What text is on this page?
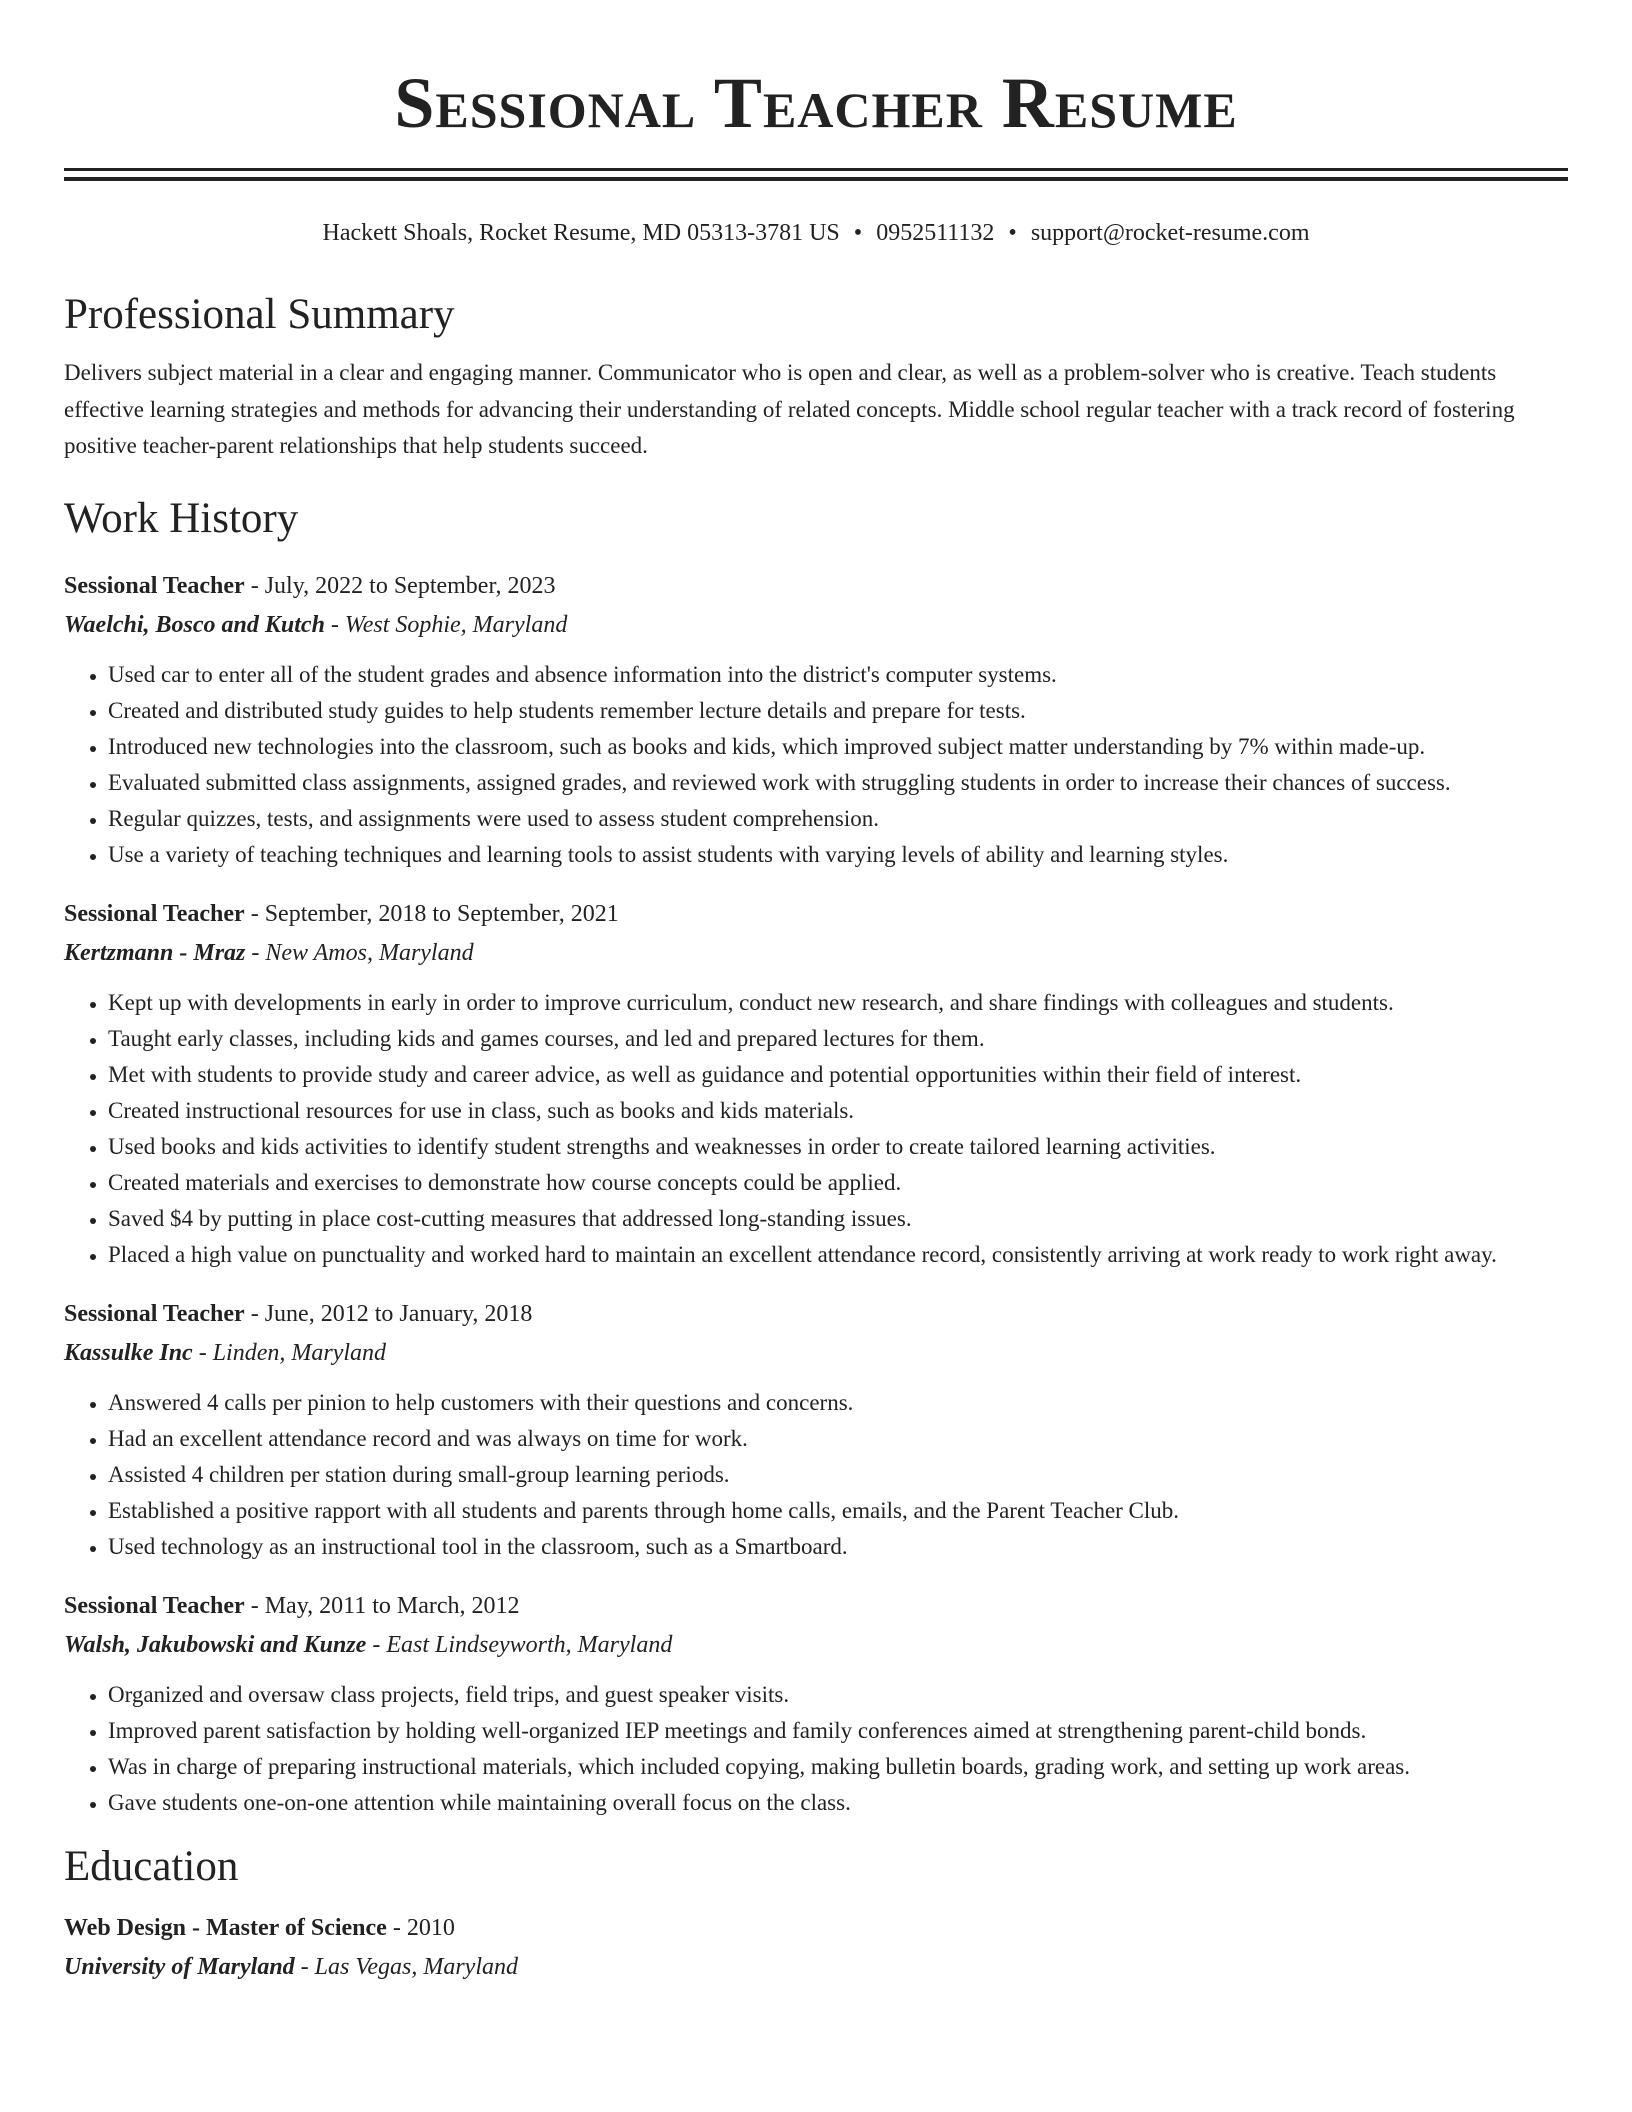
Sessional Teacher Resume
Hackett Shoals, Rocket Resume, MD 05313-3781 US • 0952511132 • support@rocket-resume.com
Professional Summary
Delivers subject material in a clear and engaging manner. Communicator who is open and clear, as well as a problem-solver who is creative. Teach students effective learning strategies and methods for advancing their understanding of related concepts. Middle school regular teacher with a track record of fostering positive teacher-parent relationships that help students succeed.
Work History
Sessional Teacher - July, 2022 to September, 2023
Waelchi, Bosco and Kutch - West Sophie, Maryland
• Used car to enter all of the student grades and absence information into the district's computer systems.
• Created and distributed study guides to help students remember lecture details and prepare for tests.
• Introduced new technologies into the classroom, such as books and kids, which improved subject matter understanding by 7% within made-up.
• Evaluated submitted class assignments, assigned grades, and reviewed work with struggling students in order to increase their chances of success.
• Regular quizzes, tests, and assignments were used to assess student comprehension.
• Use a variety of teaching techniques and learning tools to assist students with varying levels of ability and learning styles.
Sessional Teacher - September, 2018 to September, 2021
Kertzmann - Mraz - New Amos, Maryland
• Kept up with developments in early in order to improve curriculum, conduct new research, and share findings with colleagues and students.
• Taught early classes, including kids and games courses, and led and prepared lectures for them.
• Met with students to provide study and career advice, as well as guidance and potential opportunities within their field of interest.
• Created instructional resources for use in class, such as books and kids materials.
• Used books and kids activities to identify student strengths and weaknesses in order to create tailored learning activities.
• Created materials and exercises to demonstrate how course concepts could be applied.
• Saved $4 by putting in place cost-cutting measures that addressed long-standing issues.
• Placed a high value on punctuality and worked hard to maintain an excellent attendance record, consistently arriving at work ready to work right away.
Sessional Teacher - June, 2012 to January, 2018
Kassulke Inc - Linden, Maryland
• Answered 4 calls per pinion to help customers with their questions and concerns.
• Had an excellent attendance record and was always on time for work.
• Assisted 4 children per station during small-group learning periods.
• Established a positive rapport with all students and parents through home calls, emails, and the Parent Teacher Club.
• Used technology as an instructional tool in the classroom, such as a Smartboard.
Sessional Teacher - May, 2011 to March, 2012
Walsh, Jakubowski and Kunze - East Lindseyworth, Maryland
• Organized and oversaw class projects, field trips, and guest speaker visits.
• Improved parent satisfaction by holding well-organized IEP meetings and family conferences aimed at strengthening parent-child bonds.
• Was in charge of preparing instructional materials, which included copying, making bulletin boards, grading work, and setting up work areas.
• Gave students one-on-one attention while maintaining overall focus on the class.
Education
Web Design - Master of Science - 2010
University of Maryland - Las Vegas, Maryland
